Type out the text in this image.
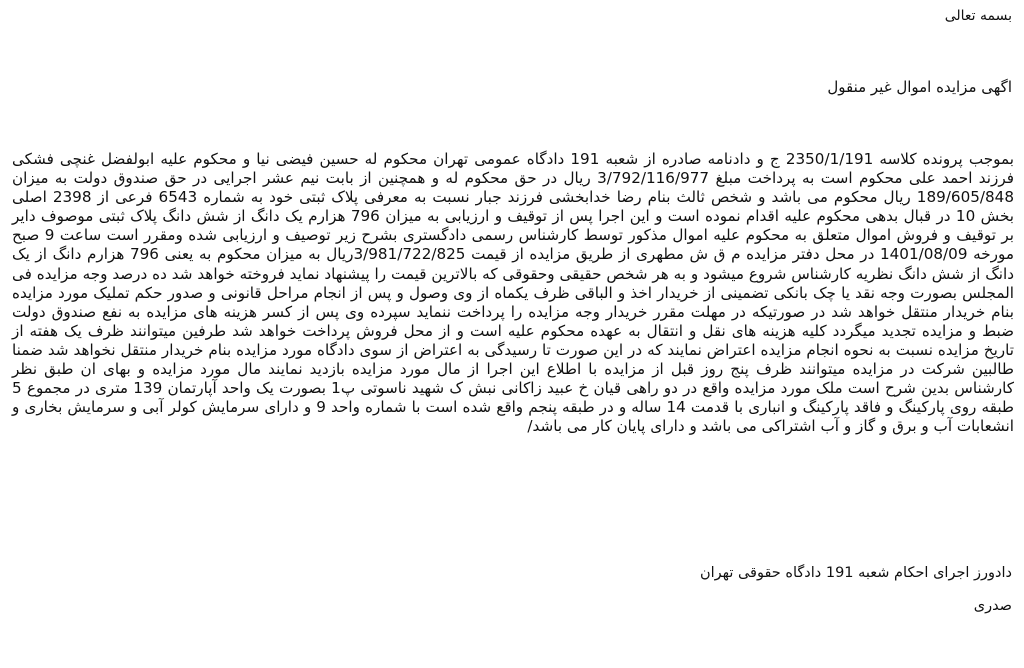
بسمه تعالی
اگهی مزایده اموال غیر منقول

بموجب پرونده کلاسه 2350/1/191 ج و دادنامه صادره از شعبه 191 دادگاه عمومی تهران محکوم له حسین فیضی نیا و محکوم علیه ابولفضل غنچی فشکی فرزند احمد علی محکوم است به پرداخت مبلغ 3/792/116/977 ریال در حق محکوم له و همچنین از بابت نیم عشر اجرایی در حق صندوق دولت به میزان 189/605/848 ریال محکوم می باشد و شخص ثالث بنام رضا خدابخشی فرزند جبار نسبت به معرفی پلاک ثبتی خود به شماره 6543 فرعی از 2398 اصلی بخش 10 در قبال بدهی محکوم علیه اقدام نموده است و این اجرا پس از توقیف و ارزیابی به میزان 796 هزارم یک دانگ از شش دانگ پلاک ثبتی موصوف دایر بر توقیف و فروش اموال متعلق به محکوم علیه اموال مذکور توسط کارشناس رسمی دادگستری بشرح زیر توصیف و ارزیابی شده ومقرر است ساعت 9 صبح مورخه 1401/08/09 در محل دفتر مزایده م ق ش مطهری از طریق مزایده از قیمت 3/981/722/825ریال به میزان محکوم به یعنی 796 هزارم دانگ از یک دانگ از شش دانگ نظریه کارشناس شروع میشود و به هر شخص حقیقی وحقوقی که بالاترین قیمت را پیشنهاد نماید فروخته خواهد شد ده درصد وجه مزایده فی المجلس بصورت وجه نقد یا چک بانکی تضمینی از خریدار اخذ و الباقی ظرف یکماه از وی وصول و پس از انجام مراحل قانونی و صدور حکم تملیک مورد مزایده بنام خریدار منتقل خواهد شد در صورتیکه در مهلت مقرر خریدار وجه مزایده را پرداخت ننماید سپرده وی پس از کسر هزینه های مزایده به نفع صندوق دولت ضبط و مزایده تجدید میگردد کلیه هزینه های نقل و انتقال به عهده محکوم علیه است و از محل فروش پرداخت خواهد شد طرفین میتوانند ظرف یک هفته از تاریخ مزایده نسبت به نحوه انجام مزایده اعتراض نمایند که در این صورت تا رسیدگی به اعتراض از سوی دادگاه مورد مزایده بنام خریدار منتقل نخواهد شد ضمنا طالبین شرکت در مزایده میتوانند ظرف پنج روز قبل از مزایده با اطلاع این اجرا از مال مورد مزایده بازدید نمایند مال مورد مزایده و بهای ان طبق نظر کارشناس بدین شرح است ملک مورد مزایده واقع در دو راهی قیان خ عبید زاکانی نبش ک شهید ناسوتی پ1 بصورت یک واحد آپارتمان 139 متری در مجموع 5 طبقه روی پارکینگ و فاقد پارکینگ و انباری با قدمت 14 ساله و در طبقه پنجم واقع شده است با شماره واحد 9 و دارای سرمایش کولر آبی و سرمایش بخاری و انشعابات آب و برق و گاز و آب اشتراکی می باشد و دارای پایان کار می باشد/

دادورز اجرای احکام شعبه 191 دادگاه حقوقی تهران
صدری
